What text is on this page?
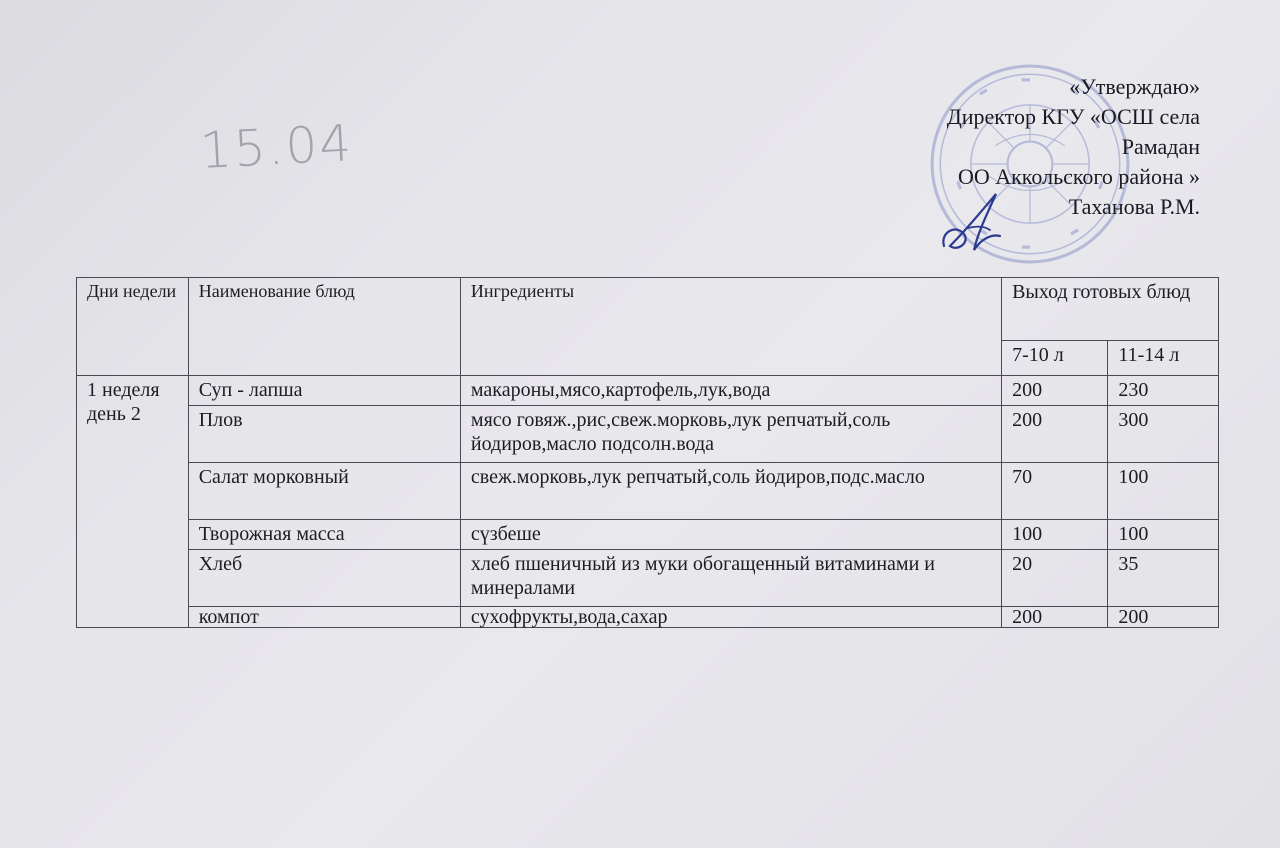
15.04
«Утверждаю»
Директор КГУ «ОСШ села
Рамадан
ОО Аккольского района »
Таханова Р.М.
Дни недели	Наименование блюд	Ингредиенты	Выход готовых блюд	
			7-10 л	11-14 л
1 неделя день 2	Суп - лапша	макароны,мясо,картофель,лук,вода	200	230
	Плов	мясо говяж.,рис,свеж.морковь,лук репчатый,соль йодиров,масло подсолн.вода	200	300
	Салат морковный	свеж.морковь,лук репчатый,соль йодиров,подс.масло	70	100
	Творожная масса	сүзбеше	100	100
	Хлеб	хлеб пшеничный из муки обогащенный витаминами и минералами	20	35
	компот	сухофрукты,вода,сахар	200	200
